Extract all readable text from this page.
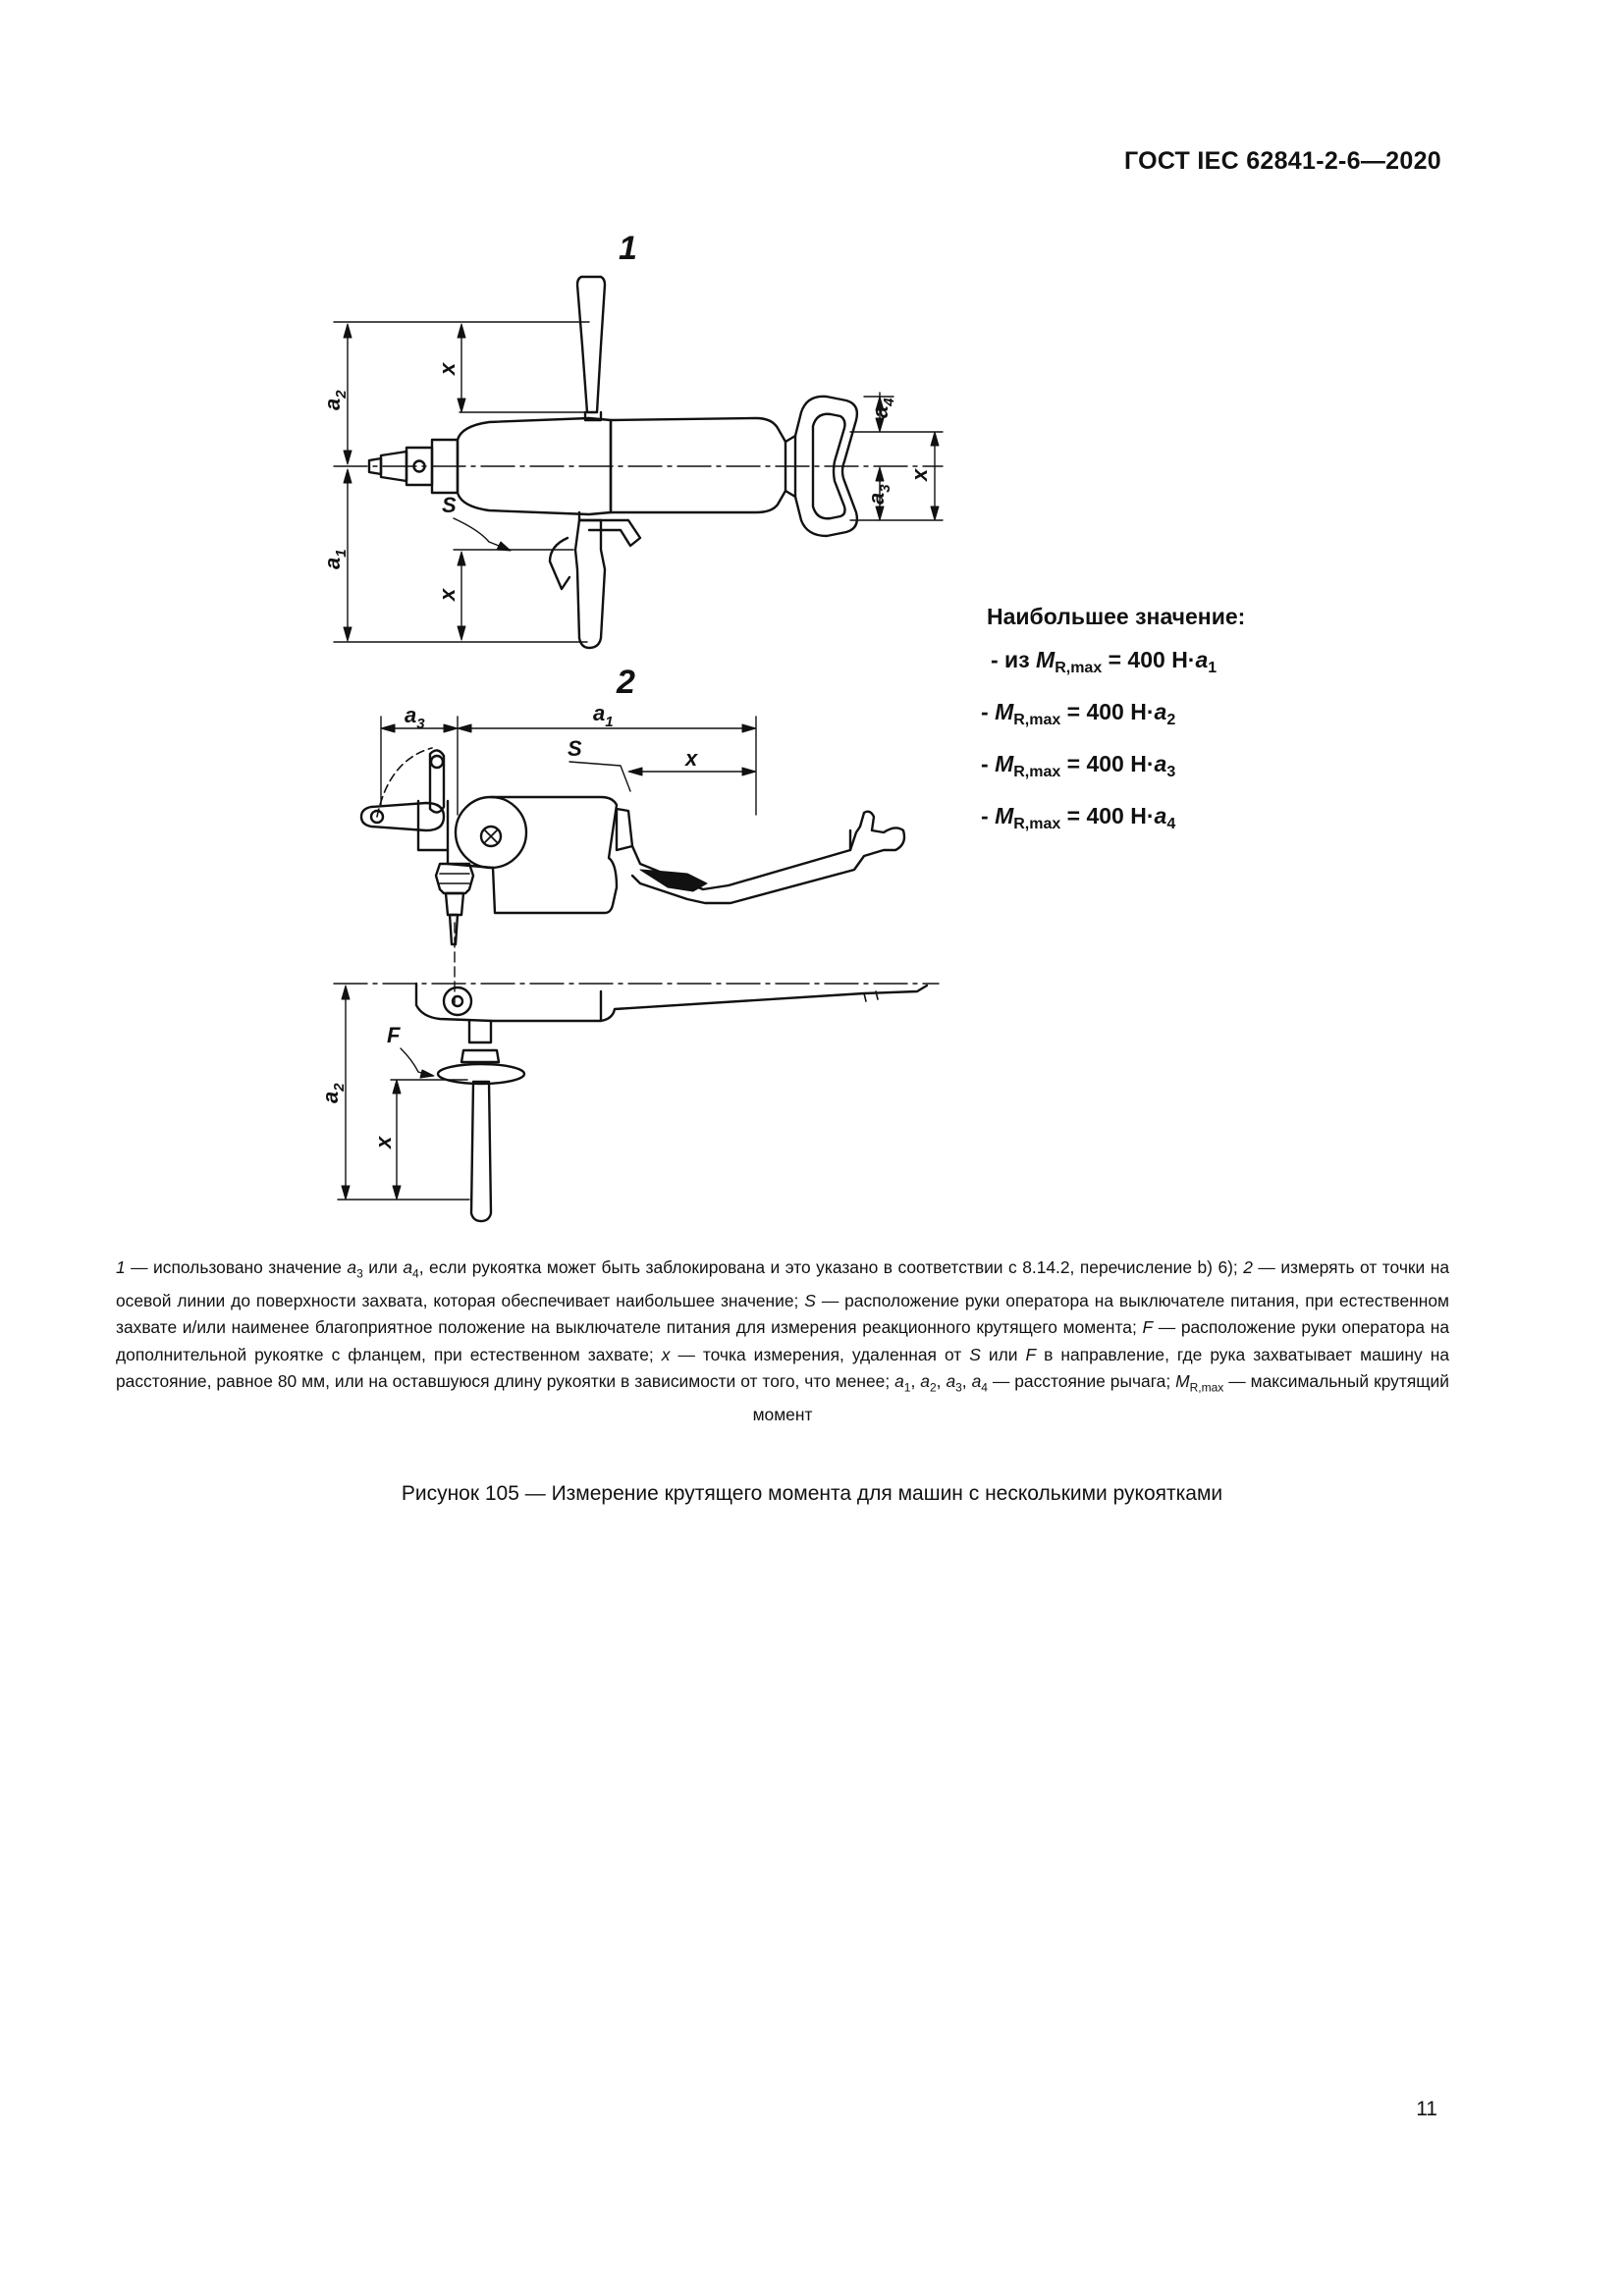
ГОСТ IEC 62841-2-6—2020
1
$a_2$
x
$a_1$
x
S
$a_4$
$a_3$
x
2
$a_3$	$a_1$
x
S
$a_2$
x
F
Наибольшее значение:
- из $M_{R,max} = 400$ $Н\cdot a_1$
- $M_{R,max} = 400$ $Н\cdot a_2$
- $M_{R,max} = 400$ $Н\cdot a_3$
- $M_{R,max} = 400$ $Н\cdot a_4$
1 — использовано значение $a_3$ или $a_4$, если рукоятка может быть заблокирована и это указано в соответствии с 8.14.2, перечисление b) 6); 2 — измерять от точки на осевой линии до поверхности захвата, которая обеспечивает наибольшее значение; S — расположение руки оператора на выключателе питания, при естественном захвате и/или наименее благоприятное положение на выключателе питания для измерения реакционного крутящего момента; F — расположение руки оператора на дополнительной рукоятке с фланцем, при естественном захвате; x — точка измерения, удаленная от S или F в направление, где рука захватывает машину на расстояние, равное 80 мм, или на оставшуюся длину рукоятки в зависимости от того, что менее; $a_1$, $a_2$, $a_3$, $a_4$ — расстояние рычага; $M_{R,max}$ — максимальный крутящий момент
Рисунок 105 — Измерение крутящего момента для машин с несколькими рукоятками
11
